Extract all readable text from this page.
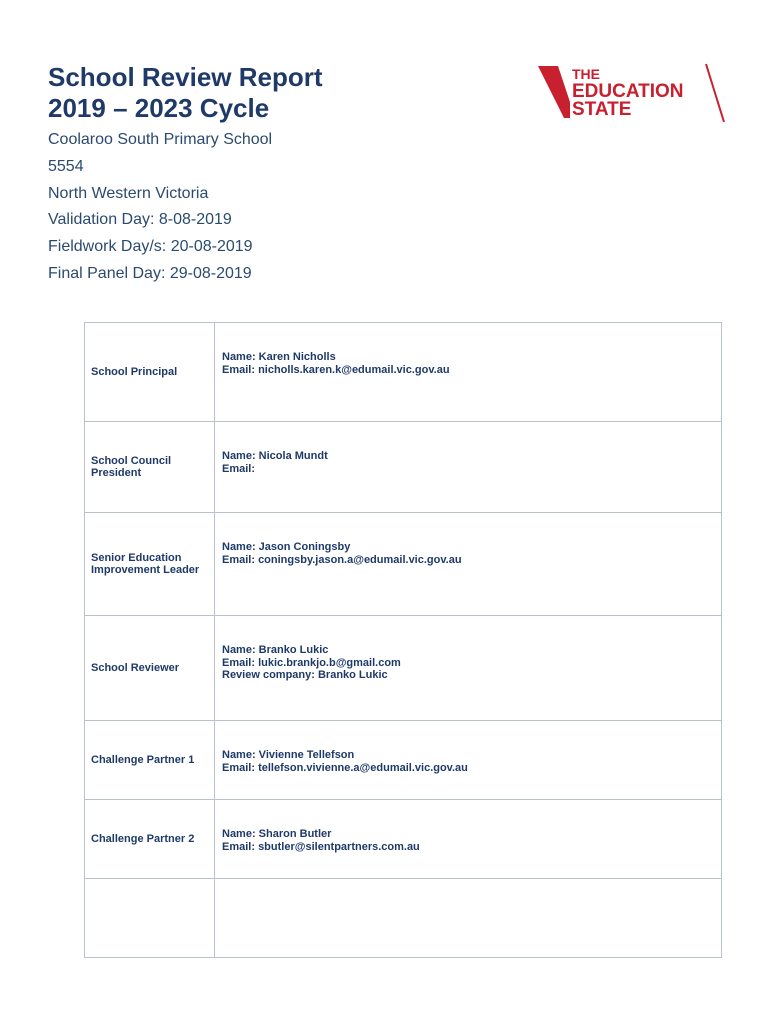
School Review Report
2019 – 2023 Cycle
THE
EDUCATION
STATE
Coolaroo South Primary School
5554
North Western Victoria
Validation Day: 8-08-2019
Fieldwork Day/s: 20-08-2019
Final Panel Day: 29-08-2019
School Principal	Name: Karen Nicholls
Email: nicholls.karen.k@edumail.vic.gov.au

School Council President	Name: Nicola Mundt
Email:

Senior Education Improvement Leader	Name: Jason Coningsby
Email: coningsby.jason.a@edumail.vic.gov.au

School Reviewer	Name: Branko Lukic
Email: lukic.brankjo.b@gmail.com
Review company: Branko Lukic

Challenge Partner 1	Name: Vivienne Tellefson
Email: tellefson.vivienne.a@edumail.vic.gov.au

Challenge Partner 2	Name: Sharon Butler
Email: sbutler@silentpartners.com.au
